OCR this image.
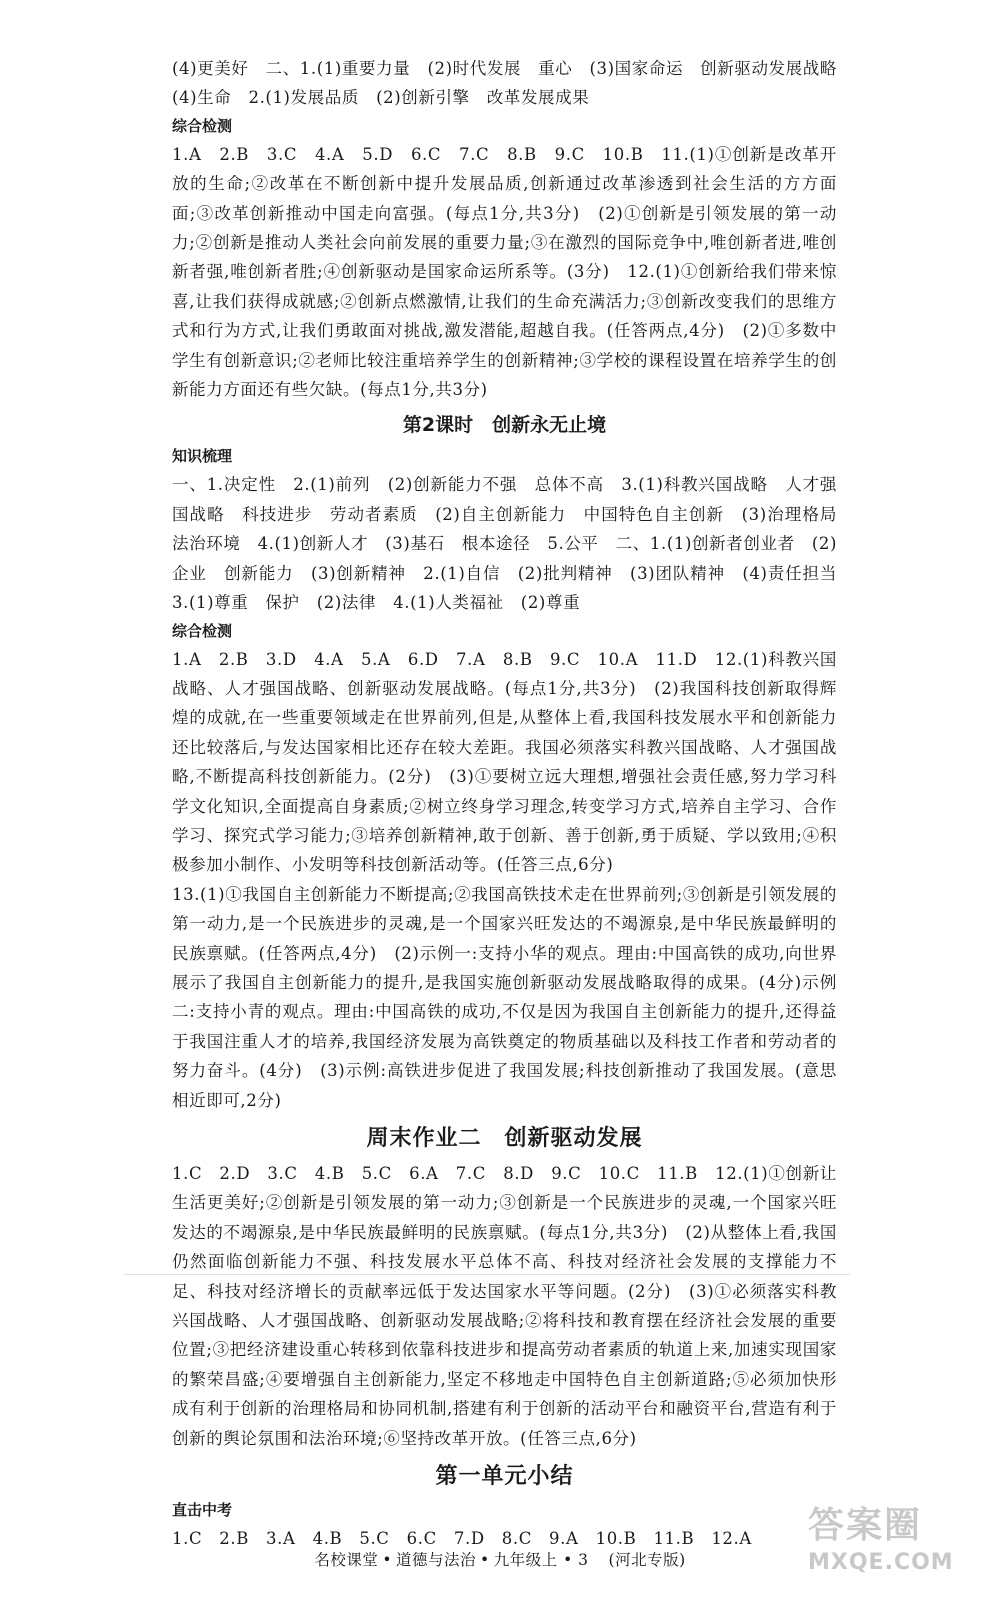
(4)更美好　二、1.(1)重要力量　(2)时代发展　重心　(3)国家命运　创新驱动发展战略　(4)生命　2.(1)发展品质　(2)创新引擎　改革发展成果

综合检测

1.A　2.B　3.C　4.A　5.D　6.C　7.C　8.B　9.C　10.B　11.(1)①创新是改革开放的生命;②改革在不断创新中提升发展品质,创新通过改革渗透到社会生活的方方面面;③改革创新推动中国走向富强。(每点1分,共3分)　(2)①创新是引领发展的第一动力;②创新是推动人类社会向前发展的重要力量;③在激烈的国际竞争中,唯创新者进,唯创新者强,唯创新者胜;④创新驱动是国家命运所系等。(3分)　12.(1)①创新给我们带来惊喜,让我们获得成就感;②创新点燃激情,让我们的生命充满活力;③创新改变我们的思维方式和行为方式,让我们勇敢面对挑战,激发潜能,超越自我。(任答两点,4分)　(2)①多数中学生有创新意识;②老师比较注重培养学生的创新精神;③学校的课程设置在培养学生的创新能力方面还有些欠缺。(每点1分,共3分)

第2课时　创新永无止境
知识梳理

一、1.决定性　2.(1)前列　(2)创新能力不强　总体不高　3.(1)科教兴国战略　人才强国战略　科技进步　劳动者素质　(2)自主创新能力　中国特色自主创新　(3)治理格局　法治环境　4.(1)创新人才　(3)基石　根本途径　5.公平　二、1.(1)创新者创业者　(2)企业　创新能力　(3)创新精神　2.(1)自信　(2)批判精神　(3)团队精神　(4)责任担当　3.(1)尊重　保护　(2)法律　4.(1)人类福祉　(2)尊重

综合检测

1.A　2.B　3.D　4.A　5.A　6.D　7.A　8.B　9.C　10.A　11.D　12.(1)科教兴国战略、人才强国战略、创新驱动发展战略。(每点1分,共3分)　(2)我国科技创新取得辉煌的成就,在一些重要领域走在世界前列,但是,从整体上看,我国科技发展水平和创新能力还比较落后,与发达国家相比还存在较大差距。我国必须落实科教兴国战略、人才强国战略,不断提高科技创新能力。(2分)　(3)①要树立远大理想,增强社会责任感,努力学习科学文化知识,全面提高自身素质;②树立终身学习理念,转变学习方式,培养自主学习、合作学习、探究式学习能力;③培养创新精神,敢于创新、善于创新,勇于质疑、学以致用;④积极参加小制作、小发明等科技创新活动等。(任答三点,6分)

13.(1)①我国自主创新能力不断提高;②我国高铁技术走在世界前列;③创新是引领发展的第一动力,是一个民族进步的灵魂,是一个国家兴旺发达的不竭源泉,是中华民族最鲜明的民族禀赋。(任答两点,4分)　(2)示例一:支持小华的观点。理由:中国高铁的成功,向世界展示了我国自主创新能力的提升,是我国实施创新驱动发展战略取得的成果。(4分)示例二:支持小青的观点。理由:中国高铁的成功,不仅是因为我国自主创新能力的提升,还得益于我国注重人才的培养,我国经济发展为高铁奠定的物质基础以及科技工作者和劳动者的努力奋斗。(4分)　(3)示例:高铁进步促进了我国发展;科技创新推动了我国发展。(意思相近即可,2分)

周末作业二　创新驱动发展

1.C　2.D　3.C　4.B　5.C　6.A　7.C　8.D　9.C　10.C　11.B　12.(1)①创新让生活更美好;②创新是引领发展的第一动力;③创新是一个民族进步的灵魂,一个国家兴旺发达的不竭源泉,是中华民族最鲜明的民族禀赋。(每点1分,共3分)　(2)从整体上看,我国仍然面临创新能力不强、科技发展水平总体不高、科技对经济社会发展的支撑能力不足、科技对经济增长的贡献率远低于发达国家水平等问题。(2分)　(3)①必须落实科教兴国战略、人才强国战略、创新驱动发展战略;②将科技和教育摆在经济社会发展的重要位置;③把经济建设重心转移到依靠科技进步和提高劳动者素质的轨道上来,加速实现国家的繁荣昌盛;④要增强自主创新能力,坚定不移地走中国特色自主创新道路;⑤必须加快形成有利于创新的治理格局和协同机制,搭建有利于创新的活动平台和融资平台,营造有利于创新的舆论氛围和法治环境;⑥坚持改革开放。(任答三点,6分)

第一单元小结
直击中考

1.C　2.B　3.A　4.B　5.C　6.C　7.D　8.C　9.A　10.B　11.B　12.A

名校课堂 • 道德与法治 • 九年级上 • 3　 (河北专版)
答案圈
MXQE.COM
